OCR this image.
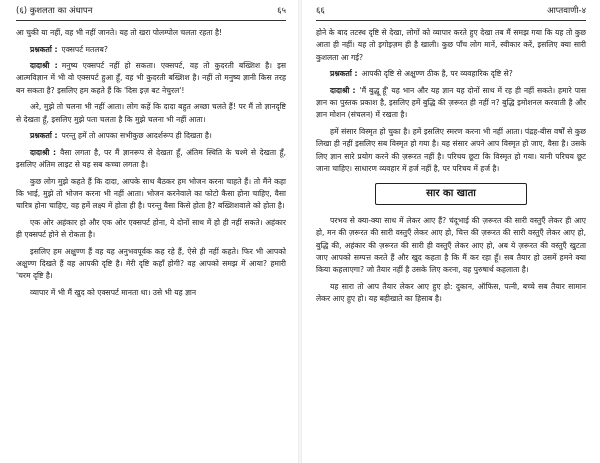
(६) कुशलता का अंधापन	६५

आ चुकी या नहीं, वह भी नहीं जानते। यह तो खरा पोलम्पोल चलता रहता है!

प्रश्नकर्ता : एक्सपर्ट मतलब?

दादाश्री : मनुष्य एक्सपर्ट नहीं हो सकता। एक्सपर्ट, वह तो कुदरती बख्शिश है। इस आत्मविज्ञान में भी वो एक्सपर्ट हुआ हूँ, वह भी कुदरती बख्शिश है। नहीं तो मनुष्य ज्ञानी किस तरह बन सकता है? इसलिए हम कहते हैं कि 'दिस इज़ बट नेचुरल'!

अरे, मुझे तो चलना भी नहीं आता। लोग कहें कि दादा बहुत अच्छा चलते हैं! पर मैं तो ज्ञानदृष्टि से देखता हूँ, इसलिए मुझे पता चलता है कि मुझे चलना भी नहीं आता।

प्रश्नकर्ता : परन्तु हमें तो आपका सभीकुछ आदर्शरूप ही दिखता है।

दादाश्री : वैसा लगता है, पर मैं ज्ञानरूप से देखता हूँ, अंतिम स्थिति के चश्मे से देखता हूँ, इसलिए अंतिम लाइट से यह सब कच्चा लगता है।

कुछ लोग मुझे कहते हैं कि दादा, आपके साथ बैठकर हम भोजन करना चाहते हैं। तो मैंने कहा कि भाई, मुझे तो भोजन करना भी नहीं आता। भोजन करनेवाले का फोटो कैसा होना चाहिए, वैसा चारित्र होना चाहिए, वह हमें लक्ष्य में होता ही है। परन्तु वैसा किसे होता है? बख्शिशवाले को होता है।

एक ओर अहंकार हो और एक ओर एक्सपर्ट होना, ये दोनों साथ में हो ही नहीं सकते। अहंकार ही एक्सपर्ट होने से रोकता है।

इसलिए हम अक्षुण्ण हैं वह यह अनुभवपूर्वक कह रहे हैं, ऐसे ही नहीं कहते। फिर भी आपको अक्षुण्ण दिखते हैं वह आपकी दृष्टि है। मेरी दृष्टि कहाँ होगी? वह आपको समझ में आया? हमारी 'चरम दृष्टि है।

व्यापार में भी मैं खुद को एक्सपर्ट मानता था। उसे भी यह ज्ञान

६६	आप्तवाणी-४

होने के बाद तटस्थ दृष्टि से देखा, लोगों को व्यापार करते हुए देखा तब मैं समझ गया कि यह तो कुछ आता ही नहीं। यह तो इगोइज़म ही है खाली। कुछ पाँच लोग मानें, स्वीकार करें, इसलिए क्या सारी कुशलता आ गई?

प्रश्नकर्ता : आपकी दृष्टि से अक्षुण्ण ठीक है, पर व्यवहारिक दृष्टि से?

दादाश्री : 'मैं बुद्धू हूँ' यह भान और यह ज्ञान यह दोनों साथ में रह ही नहीं सकते। हमारे पास ज्ञान का पुस्तक प्रकाश है, इसलिए हमें बुद्धि की ज़रूरत ही नहीं न? बुद्धि इमोशनल करवाती है और ज्ञान मोशन (संचलन) में रखता है।

हमें संसार विस्मृत हो चुका है। हमें इसलिए स्मरण करना भी नहीं आता। पंद्रह-बीस वर्षों से कुछ लिखा ही नहीं इसलिए सब विस्मृत हो गया है। यह संसार अपने आप विस्मृत हो जाए, वैसा है। उसके लिए ज्ञान सारे प्रयोग करने की ज़रूरत नहीं है। परिचय छूटा कि विस्मृत हो गया। यानी परिचय छूट जाना चाहिए। साधारण व्यवहार में हर्ज नहीं है, पर परिचय में हर्ज है।

सार का खाता

परभव से क्या-क्या साथ में लेकर आए हैं? चंदूभाई की ज़रूरत की सारी वस्तुएँ लेकर ही आए हो, मन की ज़रूरत की सारी वस्तुएँ लेकर आए हो, चित्त की ज़रूरत की सारी वस्तुएँ लेकर आए हो, बुद्धि की, अहंकार की ज़रूरत की सारी ही वस्तुएँ लेकर आए हो, अब ये ज़रूरत की वस्तुएँ खुटता जाए आपको सम्पत्त करते हैं और खुद कहता है कि मैं कर रहा हूँ। सब तैयार हो उसमें हमने क्या किया कहलाएगा? जो तैयार नहीं है उसके लिए करना, वह पुरुषार्थ कहलाता है।

यह सारा तो आप तैयार लेकर आए हुए हो: दुकान, ऑफिस, पत्नी, बच्चे सब तैयार सामान लेकर आए हुए हो। यह बहीखाते का हिसाब है।
